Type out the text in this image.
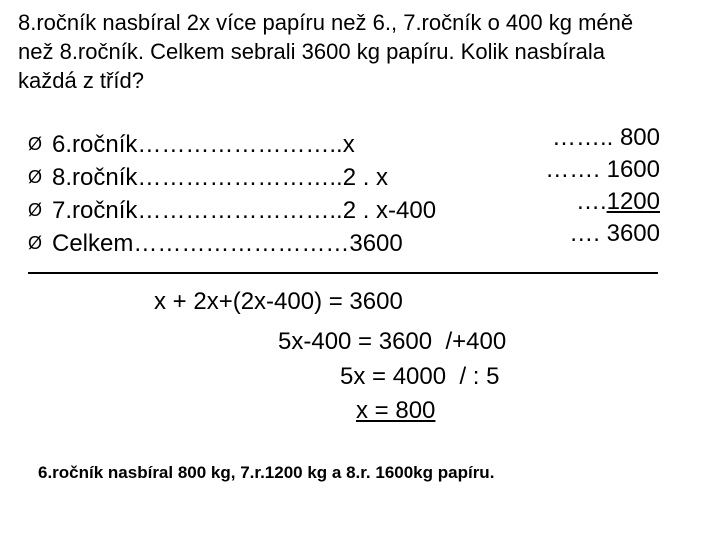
8.ročník nasbíral 2x více papíru než 6., 7.ročník o 400 kg méně
než 8.ročník. Celkem sebrali 3600 kg papíru. Kolik nasbírala
každá z tříd?
Ø 6.ročník……………………..x
Ø 8.ročník……………………..2 . x
Ø 7.ročník……………………..2 . x-400
Ø Celkem………………………3600
…….. 800
……. 1600
….1200
…. 3600
x + 2x+(2x-400) = 3600
5x-400 = 3600 /+400
5x = 4000 / : 5
x = 800
6.ročník nasbíral 800 kg, 7.r.1200 kg a 8.r. 1600kg papíru.
